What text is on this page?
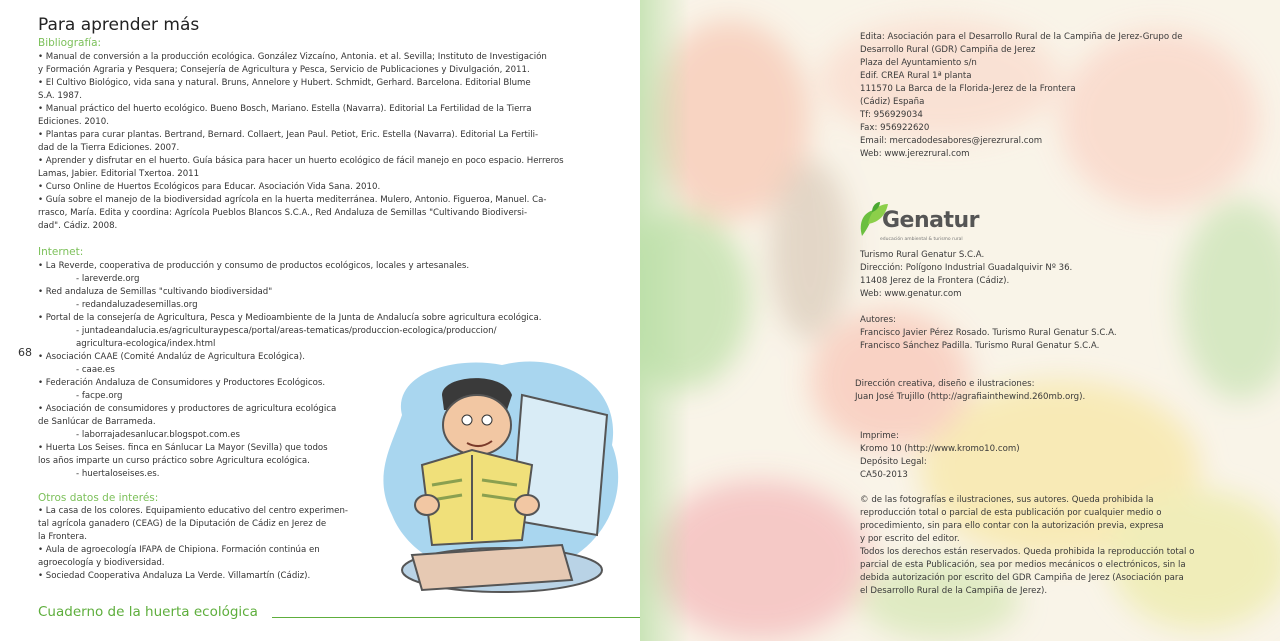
Para aprender más
Bibliografía:
• Manual de conversión a la producción ecológica. González Vizcaíno, Antonia. et al. Sevilla; Instituto de Investigación
y Formación Agraria y Pesquera; Consejería de Agricultura y Pesca, Servicio de Publicaciones y Divulgación, 2011.
• El Cultivo Biológico, vida sana y natural. Bruns, Annelore y Hubert. Schmidt, Gerhard. Barcelona. Editorial Blume
S.A. 1987.
• Manual práctico del huerto ecológico. Bueno Bosch, Mariano. Estella (Navarra). Editorial La Fertilidad de la Tierra
Ediciones. 2010.
• Plantas para curar plantas. Bertrand, Bernard. Collaert, Jean Paul. Petiot, Eric. Estella (Navarra). Editorial La Fertili-
dad de la Tierra Ediciones. 2007.
• Aprender y disfrutar en el huerto. Guía básica para hacer un huerto ecológico de fácil manejo en poco espacio. Herreros
Lamas, Jabier. Editorial Txertoa. 2011
• Curso Online de Huertos Ecológicos para Educar. Asociación Vida Sana. 2010.
• Guía sobre el manejo de la biodiversidad agrícola en la huerta mediterránea. Mulero, Antonio. Figueroa, Manuel. Ca-
rrasco, María. Edita y coordina: Agrícola Pueblos Blancos S.C.A., Red Andaluza de Semillas "Cultivando Biodiversi-
dad". Cádiz. 2008.
Internet:
• La Reverde, cooperativa de producción y consumo de productos ecológicos, locales y artesanales.
- lareverde.org
• Red andaluza de Semillas "cultivando biodiversidad"
- redandaluzadesemillas.org
• Portal de la consejería de Agricultura, Pesca y Medioambiente de la Junta de Andalucía sobre agricultura ecológica.
- juntadeandalucia.es/agriculturaypesca/portal/areas-tematicas/produccion-ecologica/produccion/
agricultura-ecologica/index.html
• Asociación CAAE (Comité Andalúz de Agricultura Ecológica).
- caae.es
• Federación Andaluza de Consumidores y Productores Ecológicos.
- facpe.org
• Asociación de consumidores y productores de agricultura ecológica
de Sanlúcar de Barrameda.
- laborrajadesanlucar.blogspot.com.es
• Huerta Los Seises. finca en Sánlucar La Mayor (Sevilla) que todos
los años imparte un curso práctico sobre Agricultura ecológica.
- huertaloseises.es.
68
Otros datos de interés:
• La casa de los colores. Equipamiento educativo del centro experimen-
tal agrícola ganadero (CEAG) de la Diputación de Cádiz en Jerez de
la Frontera.
• Aula de agroecología IFAPA de Chipiona. Formación continúa en
agroecología y biodiversidad.
• Sociedad Cooperativa Andaluza La Verde. Villamartín (Cádiz).
Cuaderno de la huerta ecológica
Edita: Asociación para el Desarrollo Rural de la Campiña de Jerez-Grupo de
Desarrollo Rural (GDR) Campiña de Jerez
Plaza del Ayuntamiento s/n
Edif. CREA Rural 1ª planta
111570 La Barca de la Florida-Jerez de la Frontera
(Cádiz) España
Tf: 956929034
Fax: 956922620
Email: mercadodesabores@jerezrural.com
Web: www.jerezrural.com
Turismo Rural Genatur S.C.A.
Dirección: Polígono Industrial Guadalquivir Nº 36.
11408 Jerez de la Frontera (Cádiz).
Web: www.genatur.com
Autores:
Francisco Javier Pérez Rosado. Turismo Rural Genatur S.C.A.
Francisco Sánchez Padilla. Turismo Rural Genatur S.C.A.
Dirección creativa, diseño e ilustraciones:
Juan José Trujillo (http://agrafiainthewind.260mb.org).
Imprime:
Kromo 10 (http://www.kromo10.com)
Depósito Legal:
CA50-2013
© de las fotografías e ilustraciones, sus autores. Queda prohibida la
reproducción total o parcial de esta publicación por cualquier medio o
procedimiento, sin para ello contar con la autorización previa, expresa
y por escrito del editor.
Todos los derechos están reservados. Queda prohibida la reproducción total o
parcial de esta Publicación, sea por medios mecánicos o electrónicos, sin la
debida autorización por escrito del GDR Campiña de Jerez (Asociación para
el Desarrollo Rural de la Campiña de Jerez).
Genatur
educación ambiental & turismo rural
